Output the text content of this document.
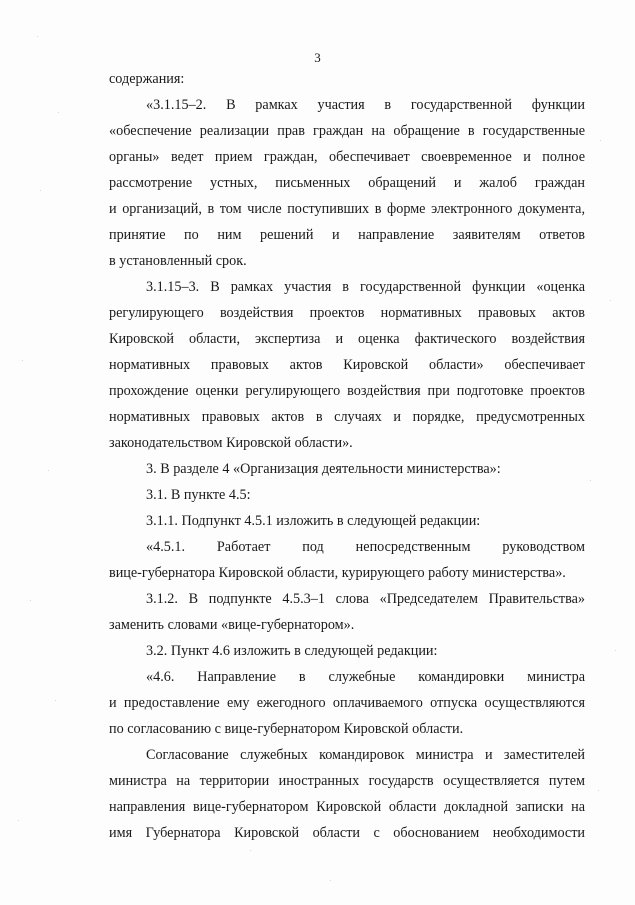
3
содержания:
«3.1.15–2. В рамках участия в государственной функции
«обеспечение реализации прав граждан на обращение в государственные
органы» ведет прием граждан, обеспечивает своевременное и полное
рассмотрение устных, письменных обращений и жалоб граждан
и организаций, в том числе поступивших в форме электронного документа,
принятие по ним решений и направление заявителям ответов
в установленный срок.
3.1.15–3. В рамках участия в государственной функции «оценка
регулирующего воздействия проектов нормативных правовых актов
Кировской области, экспертиза и оценка фактического воздействия
нормативных правовых актов Кировской области» обеспечивает
прохождение оценки регулирующего воздействия при подготовке проектов
нормативных правовых актов в случаях и порядке, предусмотренных
законодательством Кировской области».
3. В разделе 4 «Организация деятельности министерства»:
3.1. В пункте 4.5:
3.1.1. Подпункт 4.5.1 изложить в следующей редакции:
«4.5.1. Работает под непосредственным руководством
вице-губернатора Кировской области, курирующего работу министерства».
3.1.2. В подпункте 4.5.3–1 слова «Председателем Правительства»
заменить словами «вице-губернатором».
3.2. Пункт 4.6 изложить в следующей редакции:
«4.6. Направление в служебные командировки министра
и предоставление ему ежегодного оплачиваемого отпуска осуществляются
по согласованию с вице-губернатором Кировской области.
Согласование служебных командировок министра и заместителей
министра на территории иностранных государств осуществляется путем
направления вице-губернатором Кировской области докладной записки на
имя Губернатора Кировской области с обоснованием необходимости
